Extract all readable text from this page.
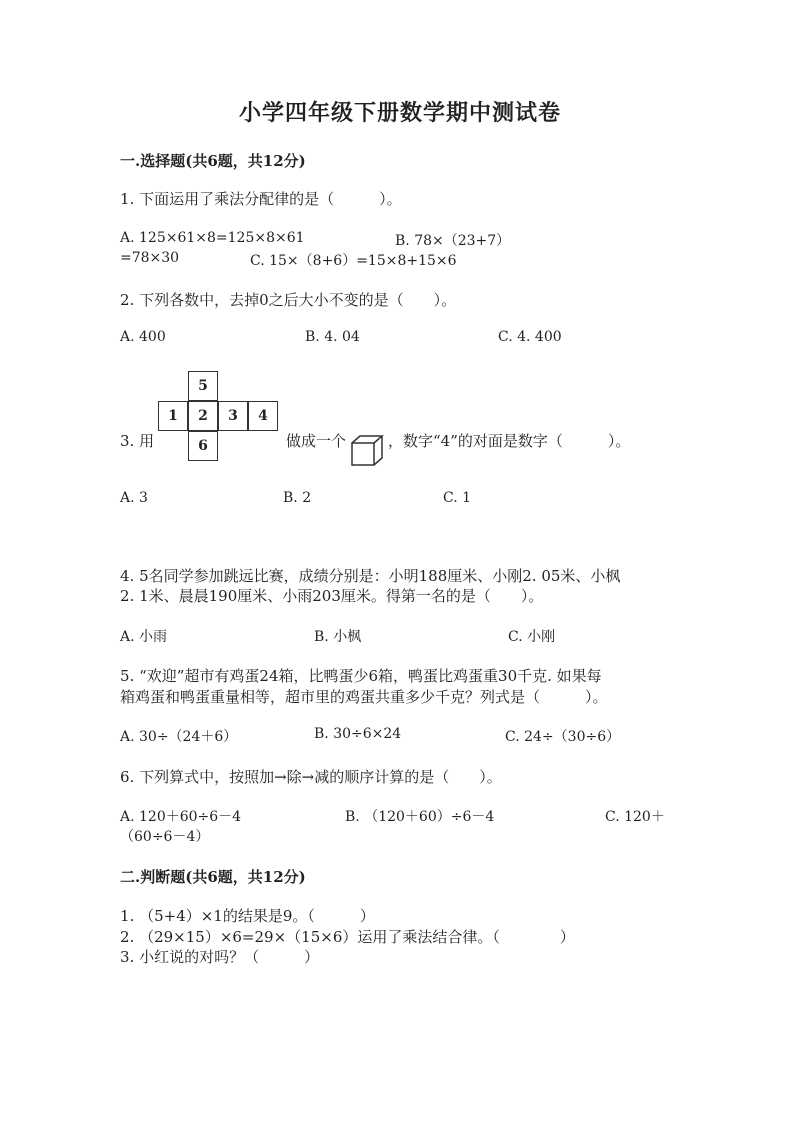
小学四年级下册数学期中测试卷
一.选择题(共6题，共12分)
1. 下面运用了乘法分配律的是（　　　）。
A. 125×61×8=125×8×61	B. 78×（23+7）
=78×30	C. 15×（8+6）=15×8+15×6
2. 下列各数中，去掉0之后大小不变的是（　　）。
A. 400	B. 4. 04	C. 4. 400
3. 用
5
1	2	3	4
6	做成一个	，数字“4”的对面是数字（　　　）。
A. 3	B. 2	C. 1
4. 5名同学参加跳远比赛，成绩分别是：小明188厘米、小刚2. 05米、小枫
2. 1米、晨晨190厘米、小雨203厘米。得第一名的是（　　）。
A. 小雨	B. 小枫	C. 小刚
5. “欢迎”超市有鸡蛋24箱，比鸭蛋少6箱，鸭蛋比鸡蛋重30千克. 如果每
箱鸡蛋和鸭蛋重量相等，超市里的鸡蛋共重多少千克？列式是（　　　）。
A. 30÷（24＋6）	B. 30÷6×24	C. 24÷（30÷6）
6. 下列算式中，按照加→除→减的顺序计算的是（　　）。
A. 120＋60÷6－4	B. （120＋60）÷6－4	C. 120＋
（60÷6－4）
二.判断题(共6题，共12分)
1. （5+4）×1的结果是9。（　　　）
2. （29×15）×6=29×（15×6）运用了乘法结合律。（　　　　）
3. 小红说的对吗？（　　　）
